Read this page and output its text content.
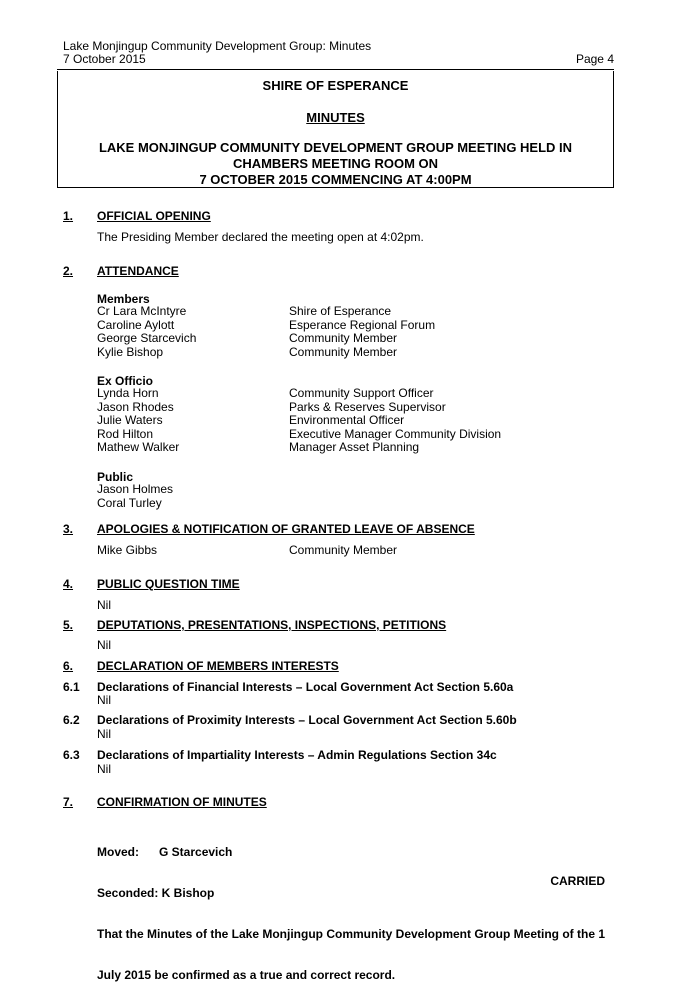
Lake Monjingup Community Development Group: Minutes
7 October 2015	Page 4
SHIRE OF ESPERANCE
MINUTES
LAKE MONJINGUP COMMUNITY DEVELOPMENT GROUP MEETING HELD IN
CHAMBERS MEETING ROOM ON
7 OCTOBER 2015 COMMENCING AT 4:00PM
1. OFFICIAL OPENING
The Presiding Member declared the meeting open at 4:02pm.
2. ATTENDANCE
Members
Cr Lara McIntyre
Caroline Aylott
George Starcevich
Kylie Bishop
Shire of Esperance
Esperance Regional Forum
Community Member
Community Member
Ex Officio
Lynda Horn
Jason Rhodes
Julie Waters
Rod Hilton
Mathew Walker
Community Support Officer
Parks & Reserves Supervisor
Environmental Officer
Executive Manager Community Division
Manager Asset Planning
Public
Jason Holmes
Coral Turley
3. APOLOGIES & NOTIFICATION OF GRANTED LEAVE OF ABSENCE
Mike Gibbs	Community Member
4. PUBLIC QUESTION TIME
Nil
5. DEPUTATIONS, PRESENTATIONS, INSPECTIONS, PETITIONS
Nil
6. DECLARATION OF MEMBERS INTERESTS
6.1 Declarations of Financial Interests – Local Government Act Section 5.60a
Nil
6.2 Declarations of Proximity Interests – Local Government Act Section 5.60b
Nil
6.3 Declarations of Impartiality Interests – Admin Regulations Section 34c
Nil
7. CONFIRMATION OF MINUTES

Moved:      G Starcevich

Seconded: K Bishop

That the Minutes of the Lake Monjingup Community Development Group Meeting of the 1

July 2015 be confirmed as a true and correct record.

CARRIED
